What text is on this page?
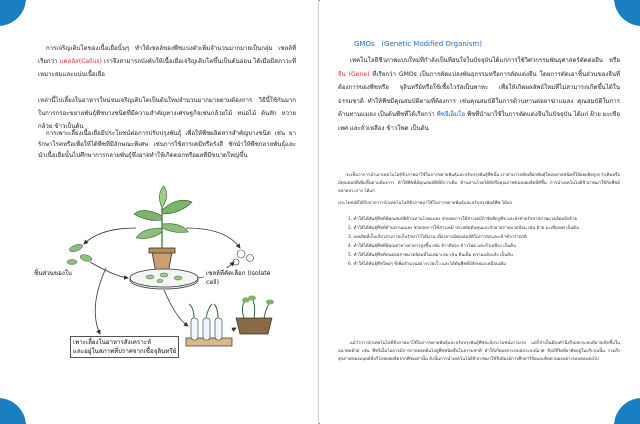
การเจริญเติบโตของเนื้อเยื่อนั้นๆ ทำให้เซลล์ของพืชแบ่งตัวเพิ่มจำนวนมากมายเป็นกลุ่ม เซลล์ที่เรียกว่า แคลลัส(Callus) เราจึงสามารถบังคับให้เนื้อเยื่อเจริญเติบโตขึ้นเป็นต้นอ่อน ได้เมื่อมีสภาวะที่เหมาะสมและแน่นเนื้อเยื่อ

เหล่านี้ไปเลี้ยงในอาหารใหม่จนเจริญเติบโตเป็นต้นใหม่จำนวนมากมายตามต้องการ วิธีนี้ใช้กันมากในการกรอะขยายพันธุ์พืชบางชนิดที่มีความสำคัญทางเศรษฐกิจเช่นกล้วยไม้ หน่อไม้ ต้นสัก หวาย กล้วย ข้าวเป็นต้น

การเพาะเลี้ยงเนื้อเยื่อมีประโยชน์ต่อการปรับปรุงพันธุ์ เพื่อให้พืชผลิตสารสำคัญบางชนิด เช่น ยารักษาโรคหรือเพื่อให้ได้พืชที่มีลักษณะพิเศษ เช่นการใช้สารเคมีหรือรังสี ชักนำให้พืชกลายพันธุ์และนำเนื้อเยื่อนั้นไปศึกษาการกลายพันธุ์ซึ่งอาจทำให้เกิดดอกหรือผลที่มีขนาดใหญ่ขึ้น

ชิ้นส่วนของใบ	เซลล์ที่คัดเลือก (Isolate cell)
เพาะเลี้ยงในอาหารสังเคราะห์
และอยู่ในสภาพที่ปราศจากเชื้อจุลินทรีย์
GMOs (Genetic Modified Organism)

เทคโนโลยีชีวภาพแบบใหม่ที่กำลังเป็นที่สนใจในปัจจุบันได้แก่การใช้วิศวกรรมพันธุศาสตร์ตัดต่อยีน หรือ จีน (Gene) ที่เรียกว่า GMOs เป็นการตัดแปลงพันธุกรรมหรือการตัดแต่งจีน โดยการตัดเอาชิ้นส่วนของจีนที่ต้องการของพืชหรือ จุลินทรีย์หรือใช้เชื้อไวรัสเป็นพาหะ เพื่อให้เกิดผลลัพธ์ใหม่ที่ไม่สามารถเกิดขึ้นได้ในธรรมชาติ ทำให้พืชมีคุณสมบัติตามที่ต้องการ เช่นคุณสมบัติในการต้านทานต่อยาฆ่าแมลง คุณสมบัติในการต้านทานแมลง เป็นต้นพืชที่ได้เรียกว่า พืชจีเอ็มโอ พืชที่นำมาใช้ในการตัดแต่งจีนในปัจจุบัน ได้แก่ ฝ้าย มะเขือเทศ และถั่วเหลือง ข้าวโพด เป็นต้น

จะเห็นว่าการนำเอาเทคโนโลยีชีวภาพมาใช้ในการขยายพันธุ์และปรับปรุงพันธุ์พืชนั้น เราสามารถตัดเลือกพันธุ์ใหม่หลายชนิดที่ให้ผลผลิตสูงกว่าเดิมหรือมีคุณสมบัติเพิ่มขึ้นตามต้องการ ทำให้พืชที่มีคุณสมบัติที่ดีกว่าเดิม ต้านทานโรคได้ดีหรือคุณภาพของผลผลิตที่ดีขึ้น การนำเทคโนโลยีชีวภาพมาใช้กับพืชมีหลายประการ ได้แก่

ประโยชน์ที่ได้รับจากการนำเทคโนโลยีชีวภาพมาใช้ในการขยายพันธุ์และปรับปรุงพันธุ์พืช ได้แก่

1. ทำให้ได้พันธุ์พืชที่มีคุณสมบัติต้านทานโรคแมลง ช่วยลดการใช้สารเคมีกำจัดศัตรูพืช และยังช่วยรักษาสภาพแวดล้อมอีกด้วย
2. ทำให้ได้พันธุ์พืชที่ต้านทานแมลง ช่วยลดการใช้สารเคมี ประหยัดต้นทุนและรักษาสภาพแวดล้อม เช่น ฝ้าย มะเขือเทศ เป็นต้น
3. ผลผลิตที่เก็บเกี่ยวสามารถเก็บรักษาไว้ได้นาน เนื่องจากมีคุณสมบัติในการสุกและเข้าช้ากว่าปกติ
4. ทำให้ได้พันธุ์พืชที่มีคุณค่าทางอาหารสูงขึ้น เช่น ข้าวสีทอง ข้าวโพด และถั่วเหลือง เป็นต้น
5. ทำให้ได้พันธุ์พืชที่ทนต่อสภาพแวดล้อมที่ไม่เหมาะสม เช่น ดินเค็ม ความแห้งแล้ง เป็นต้น
6. ทำให้ได้พันธุ์พืชใหม่ๆ ที่เพิ่มจำนวนอย่างรวดเร็ว และได้ต้นพืชที่มีลักษณะเหมือนเดิม

แม้ว่าการนำเทคโนโลยีชีวภาพมาใช้ในการขยายพันธุ์และปรับปรุงพันธุ์พืชจะมีประโยชน์มากมาย แต่ก็จำเป็นต้องคำนึงถึงผลกระทบที่อาจเกิดขึ้นในอนาคตด้วย เช่น พืชจีเอ็มโออาจมีการถ่ายทอดยีนไปสู่พืชชนิดอื่นในธรรมชาติ ทำให้เกิดผลกระทบต่อระบบนิเวศ สิ่งมีชีวิตที่อาศัยอยู่ในบริเวณนั้น รวมถึงสุขภาพของมนุษย์ที่บริโภคผลผลิตจากพืชเหล่านั้น ดังนั้นการนำเทคโนโลยีชีวภาพมาใช้จึงต้องมีการศึกษาวิจัยและติดตามผลอย่างรอบคอบต่อไป
